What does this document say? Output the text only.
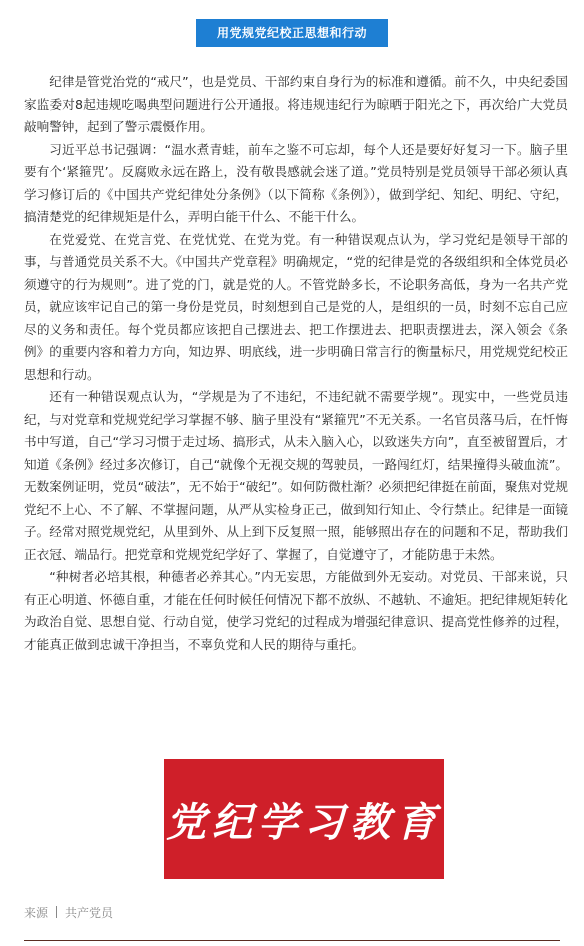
用党规党纪校正思想和行动

纪律是管党治党的“戒尺”，也是党员、干部约束自身行为的标准和遵循。前不久，中央纪委国家监委对8起违规吃喝典型问题进行公开通报。将违规违纪行为晾晒于阳光之下，再次给广大党员敲响警钟，起到了警示震慑作用。

习近平总书记强调：“温水煮青蛙，前车之鉴不可忘却，每个人还是要好好复习一下。脑子里要有个‘紧箍咒’。反腐败永远在路上，没有敬畏感就会迷了道。”党员特别是党员领导干部必须认真学习修订后的《中国共产党纪律处分条例》（以下简称《条例》），做到学纪、知纪、明纪、守纪，搞清楚党的纪律规矩是什么，弄明白能干什么、不能干什么。

在党爱党、在党言党、在党忧党、在党为党。有一种错误观点认为，学习党纪是领导干部的事，与普通党员关系不大。《中国共产党章程》明确规定，“党的纪律是党的各级组织和全体党员必须遵守的行为规则”。进了党的门，就是党的人。不管党龄多长，不论职务高低，身为一名共产党员，就应该牢记自己的第一身份是党员，时刻想到自己是党的人，是组织的一员，时刻不忘自己应尽的义务和责任。每个党员都应该把自己摆进去、把工作摆进去、把职责摆进去，深入领会《条例》的重要内容和着力方向，知边界、明底线，进一步明确日常言行的衡量标尺，用党规党纪校正思想和行动。

还有一种错误观点认为，“学规是为了不违纪，不违纪就不需要学规”。现实中，一些党员违纪，与对党章和党规党纪学习掌握不够、脑子里没有“紧箍咒”不无关系。一名官员落马后，在忏悔书中写道，自己“学习习惯于走过场、搞形式，从未入脑入心，以致迷失方向”，直至被留置后，才知道《条例》经过多次修订，自己“就像个无视交规的驾驶员，一路闯红灯，结果撞得头破血流”。无数案例证明，党员“破法”，无不始于“破纪”。如何防微杜渐？必须把纪律挺在前面，聚焦对党规党纪不上心、不了解、不掌握问题，从严从实检身正己，做到知行知止、令行禁止。纪律是一面镜子。经常对照党规党纪，从里到外、从上到下反复照一照，能够照出存在的问题和不足，帮助我们正衣冠、端品行。把党章和党规党纪学好了、掌握了，自觉遵守了，才能防患于未然。

“种树者必培其根，种德者必养其心。”内无妄思，方能做到外无妄动。对党员、干部来说，只有正心明道、怀德自重，才能在任何时候任何情况下都不放纵、不越轨、不逾矩。把纪律规矩转化为政治自觉、思想自觉、行动自觉，使学习党纪的过程成为增强纪律意识、提高党性修养的过程，才能真正做到忠诚干净担当，不辜负党和人民的期待与重托。

党纪学习教育
来源 共产党员
